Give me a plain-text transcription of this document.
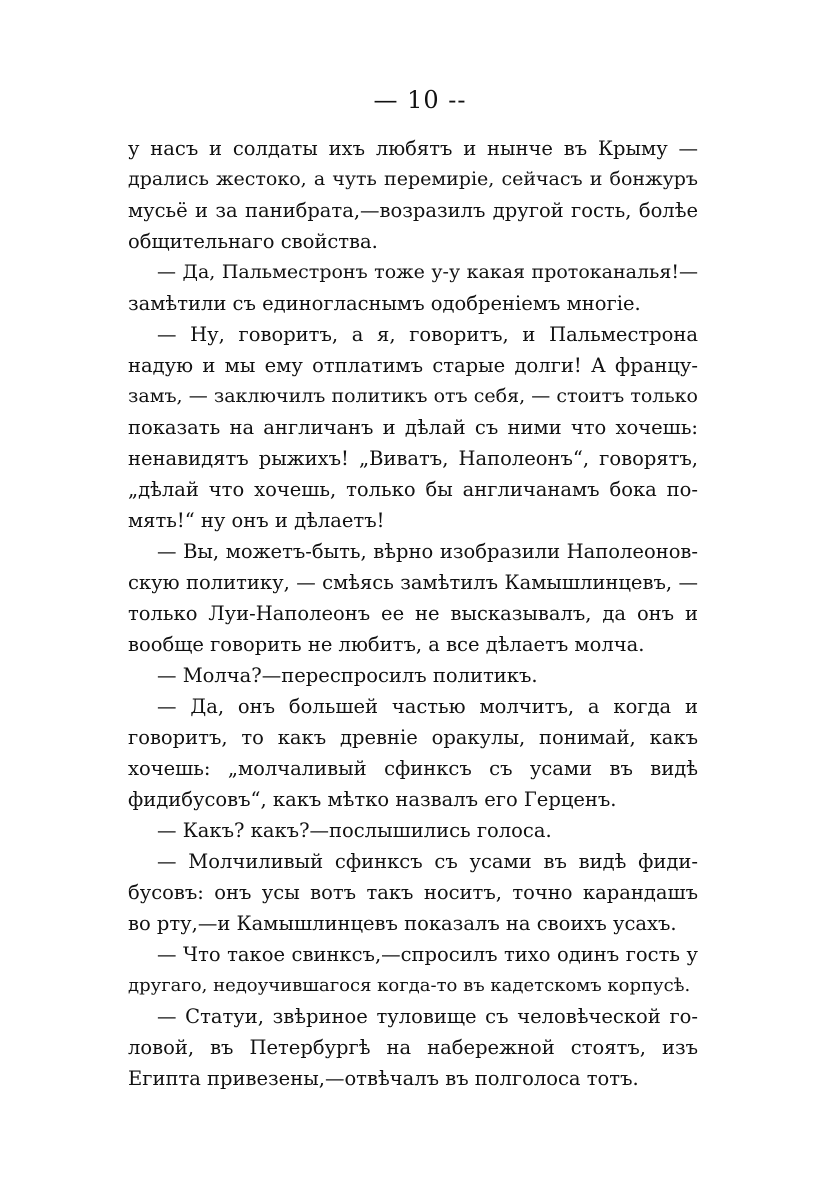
— 10 --
у насъ и солдаты ихъ любятъ и нынче въ Крыму —
дрались жестоко, а чуть перемиріе, сейчасъ и бонжуръ
мусьё и за панибрата,—возразилъ другой гость, болѣе
общительнаго свойства.
— Да, Пальместронъ тоже у-у какая протоканалья!—
замѣтили съ единогласнымъ одобреніемъ многіе.
— Ну, говоритъ, а я, говоритъ, и Пальместрона
надую и мы ему отплатимъ старые долги! А францу-
замъ, — заключилъ политикъ отъ себя, — стоитъ только
показать на англичанъ и дѣлай съ ними что хочешь:
ненавидятъ рыжихъ! „Виватъ, Наполеонъ“, говорятъ,
„дѣлай что хочешь, только бы англичанамъ бока по-
мять!“ ну онъ и дѣлаетъ!
— Вы, можетъ-быть, вѣрно изобразили Наполеонов-
скую политику, — смѣясь замѣтилъ Камышлинцевъ, —
только Луи-Наполеонъ ее не высказывалъ, да онъ и
вообще говорить не любитъ, а все дѣлаетъ молча.
— Молча?—переспросилъ политикъ.
— Да, онъ большей частью молчитъ, а когда и
говоритъ, то какъ древніе оракулы, понимай, какъ
хочешь: „молчаливый сфинксъ съ усами въ видѣ
фидибусовъ“, какъ мѣтко назвалъ его Герценъ.
— Какъ? какъ?—послышились голоса.
— Молчиливый сфинксъ съ усами въ видѣ фиди-
бусовъ: онъ усы вотъ такъ носитъ, точно карандашъ
во рту,—и Камышлинцевъ показалъ на своихъ усахъ.
— Что такое свинксъ,—спросилъ тихо одинъ гость у
другаго, недоучившагося когда-то въ кадетскомъ корпусѣ.
— Статуи, звѣриное туловище съ человѣческой го-
ловой, въ Петербургѣ на набережной стоятъ, изъ
Египта привезены,—отвѣчалъ въ полголоса тотъ.
